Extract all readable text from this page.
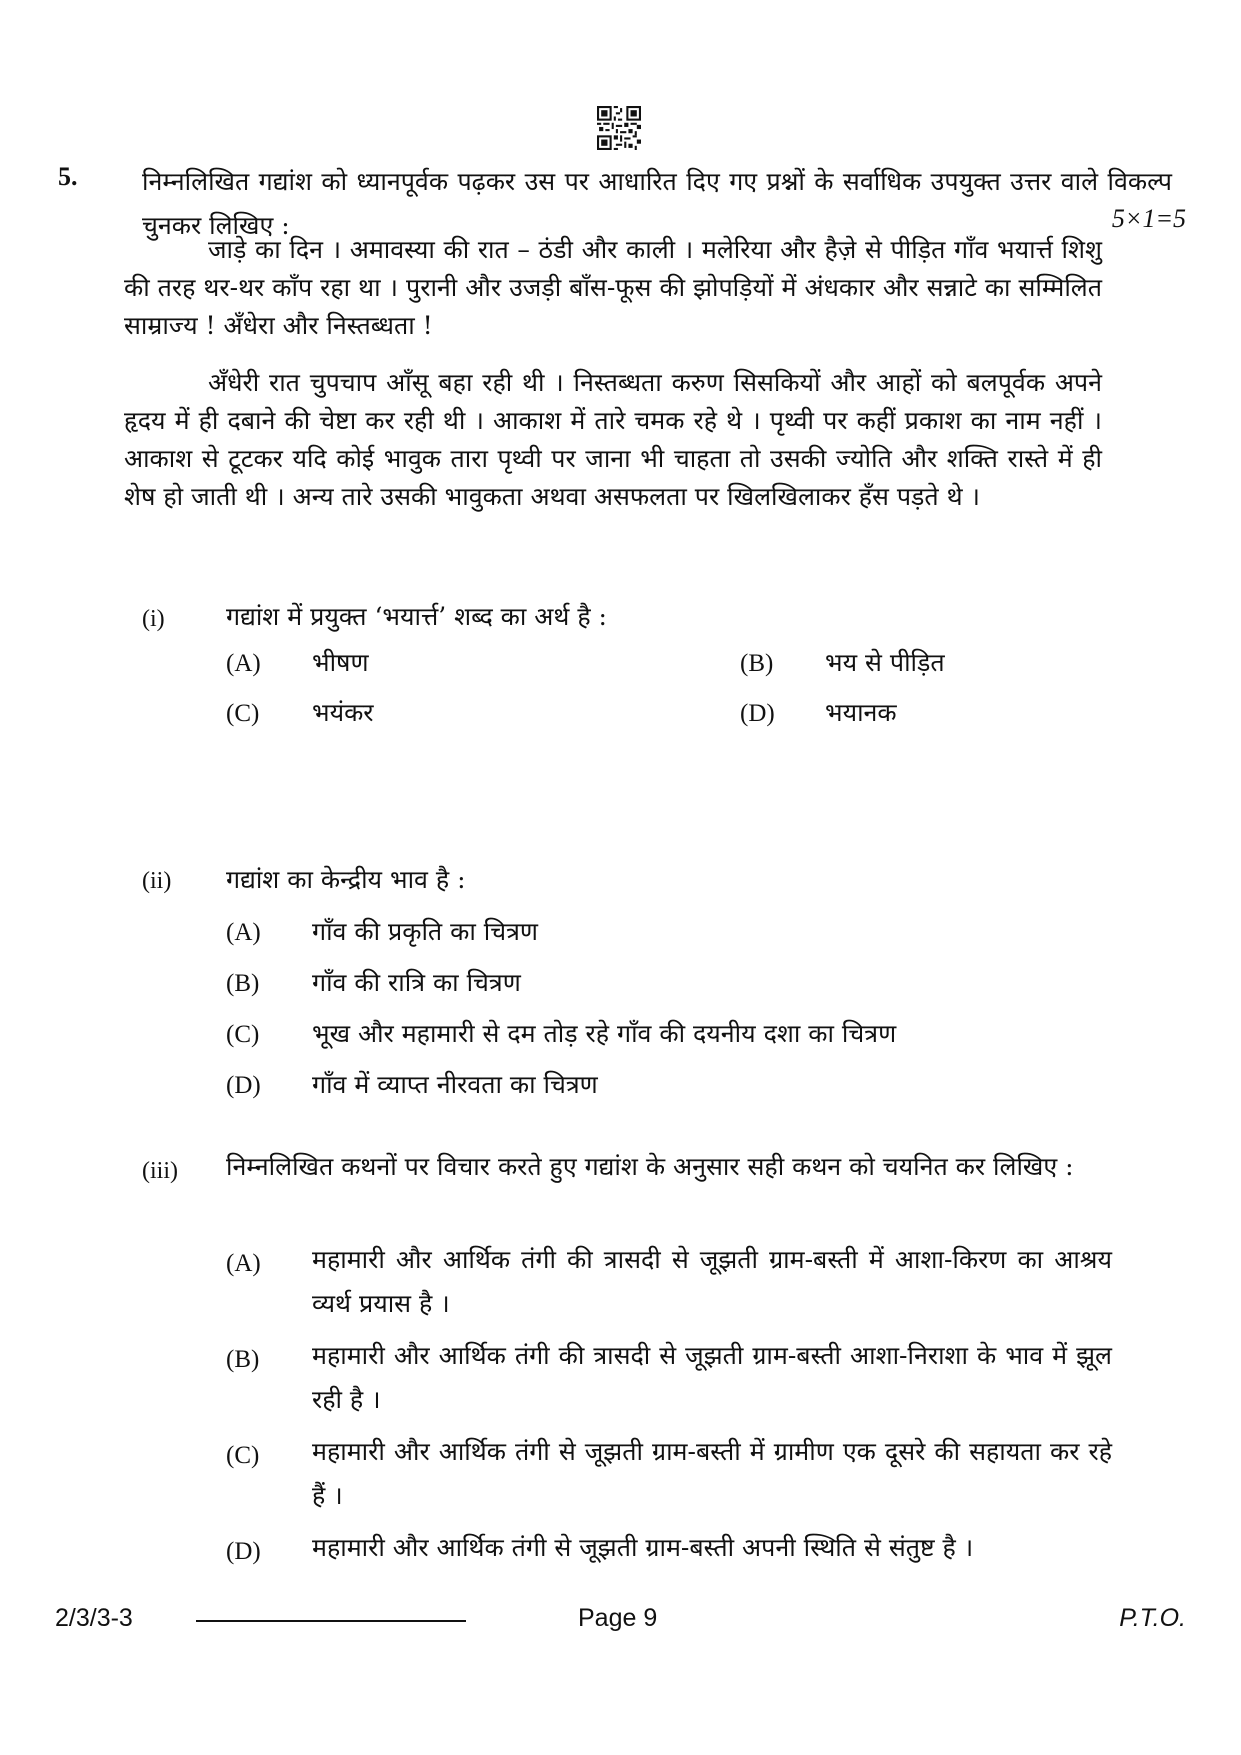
5.	निम्नलिखित गद्यांश को ध्यानपूर्वक पढ़कर उस पर आधारित दिए गए प्रश्नों के सर्वाधिक उपयुक्त उत्तर वाले विकल्प चुनकर लिखिए :	5×1=5

जाड़े का दिन । अमावस्या की रात – ठंडी और काली । मलेरिया और हैज़े से पीड़ित गाँव भयार्त्त शिशु की तरह थर-थर काँप रहा था । पुरानी और उजड़ी बाँस-फूस की झोपड़ियों में अंधकार और सन्नाटे का सम्मिलित साम्राज्य ! अँधेरा और निस्तब्धता !

अँधेरी रात चुपचाप आँसू बहा रही थी । निस्तब्धता करुण सिसकियों और आहों को बलपूर्वक अपने हृदय में ही दबाने की चेष्टा कर रही थी । आकाश में तारे चमक रहे थे । पृथ्वी पर कहीं प्रकाश का नाम नहीं । आकाश से टूटकर यदि कोई भावुक तारा पृथ्वी पर जाना भी चाहता तो उसकी ज्योति और शक्ति रास्ते में ही शेष हो जाती थी । अन्य तारे उसकी भावुकता अथवा असफलता पर खिलखिलाकर हँस पड़ते थे ।

(i) गद्यांश में प्रयुक्त ‘भयार्त्त’ शब्द का अर्थ है :
(A) भीषण	(B) भय से पीड़ित
(C) भयंकर	(D) भयानक
(ii) गद्यांश का केन्द्रीय भाव है :
(A) गाँव की प्रकृति का चित्रण
(B) गाँव की रात्रि का चित्रण
(C) भूख और महामारी से दम तोड़ रहे गाँव की दयनीय दशा का चित्रण
(D) गाँव में व्याप्त नीरवता का चित्रण
(iii) निम्नलिखित कथनों पर विचार करते हुए गद्यांश के अनुसार सही कथन को चयनित कर लिखिए :
(A) महामारी और आर्थिक तंगी की त्रासदी से जूझती ग्राम-बस्ती में आशा-किरण का आश्रय व्यर्थ प्रयास है ।
(B) महामारी और आर्थिक तंगी की त्रासदी से जूझती ग्राम-बस्ती आशा-निराशा के भाव में झूल रही है ।
(C) महामारी और आर्थिक तंगी से जूझती ग्राम-बस्ती में ग्रामीण एक दूसरे की सहायता कर रहे हैं ।
(D) महामारी और आर्थिक तंगी से जूझती ग्राम-बस्ती अपनी स्थिति से संतुष्ट है ।
2/3/3-3	Page 9	P.T.O.
